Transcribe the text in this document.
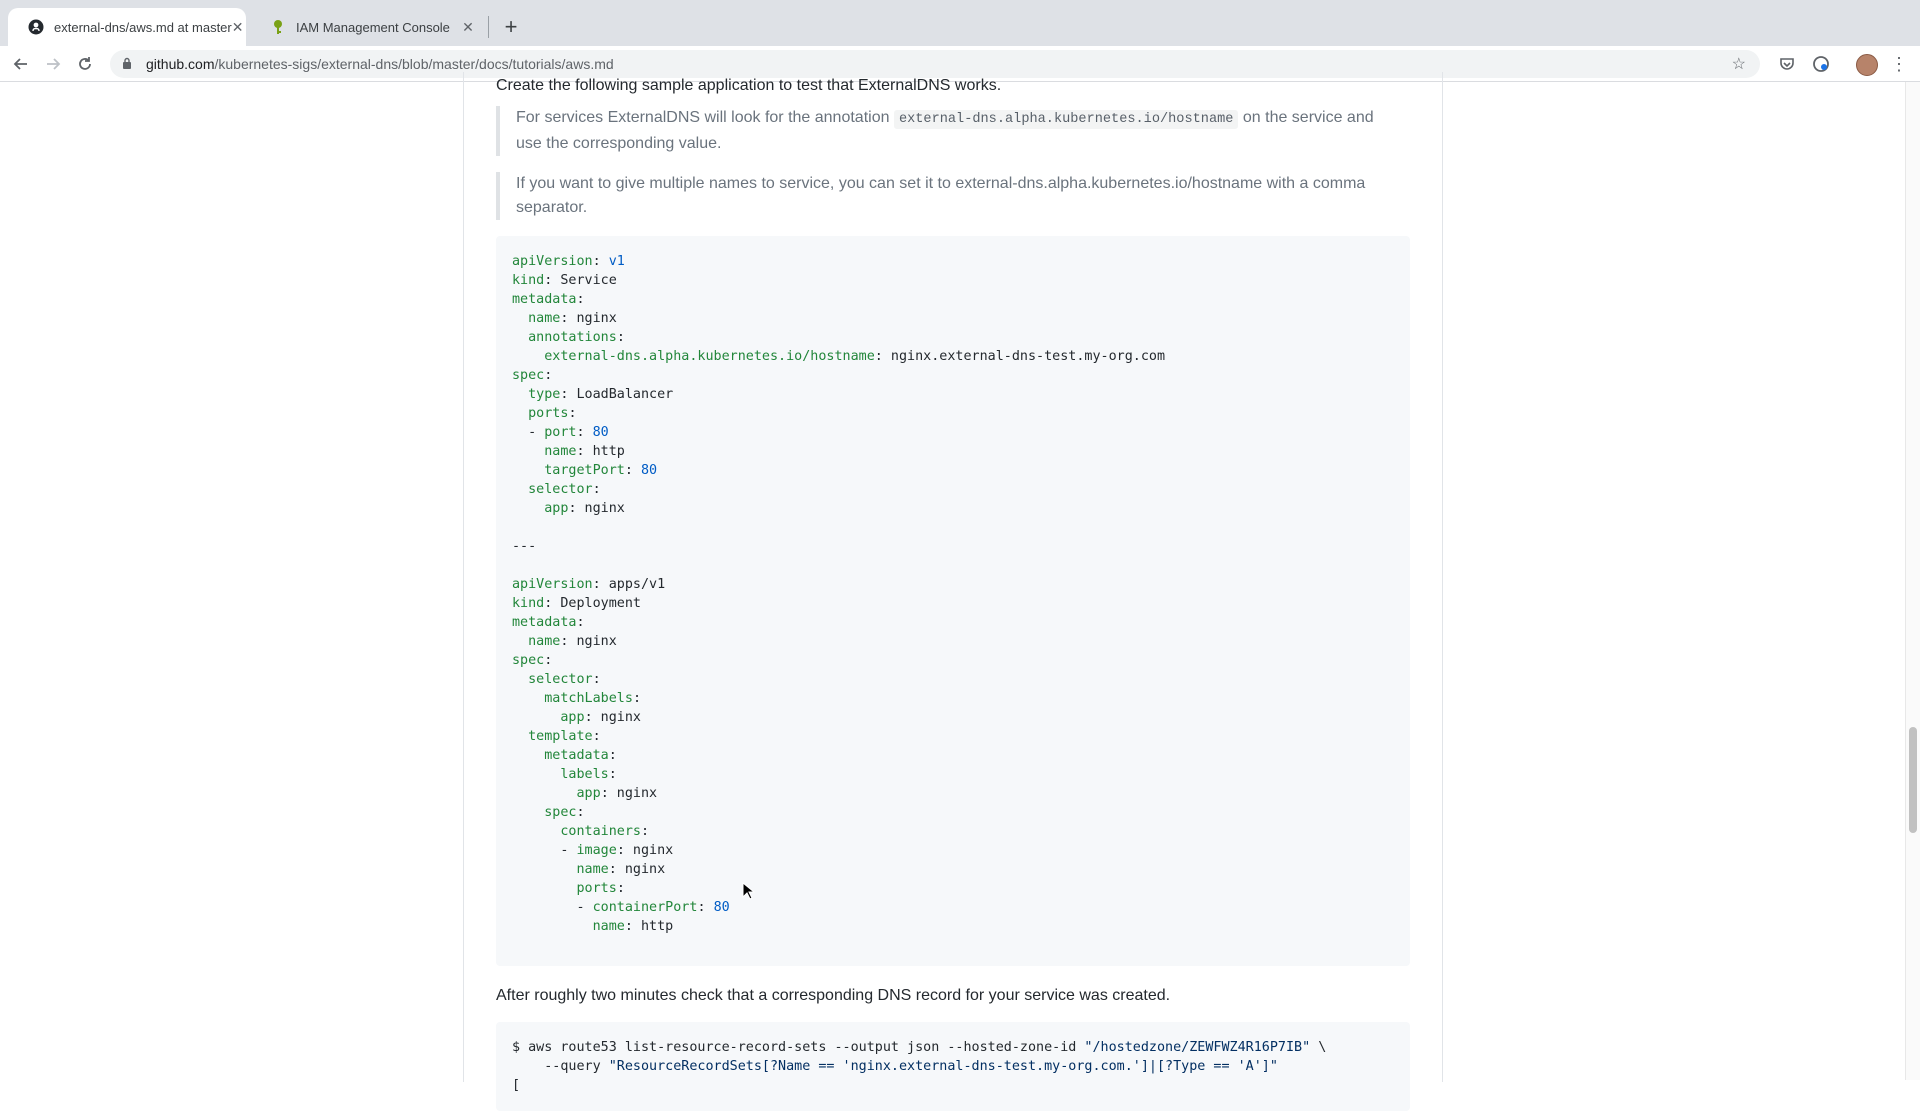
external-dns/aws.md at master ✕	IAM Management Console ✕ +
github.com /kubernetes-sigs/external-dns/blob/master/docs/tutorials/aws.md	☆	⋮

Create the following sample application to test that ExternalDNS works.

For services ExternalDNS will look for the annotation external-dns.alpha.kubernetes.io/hostname on the service and use the corresponding value.
If you want to give multiple names to service, you can set it to external-dns.alpha.kubernetes.io/hostname with a comma separator.
apiVersion: v1
kind: Service
metadata:
name: nginx
annotations:
external-dns.alpha.kubernetes.io/hostname: nginx.external-dns-test.my-org.com
spec:
type: LoadBalancer
ports:
- port: 80
name: http
targetPort: 80
selector:
app: nginx
---
apiVersion: apps/v1
kind: Deployment
metadata:
name: nginx
spec:
selector:
matchLabels:
app: nginx
template:
metadata:
labels:
app: nginx
spec:
containers:
- image: nginx
name: nginx
ports:
- containerPort: 80
name: http

After roughly two minutes check that a corresponding DNS record for your service was created.

$ aws route53 list-resource-record-sets --output json --hosted-zone-id "/hostedzone/ZEWFWZ4R16P7IB" \
--query "ResourceRecordSets[?Name == 'nginx.external-dns-test.my-org.com.']|[?Type == 'A']"
[
